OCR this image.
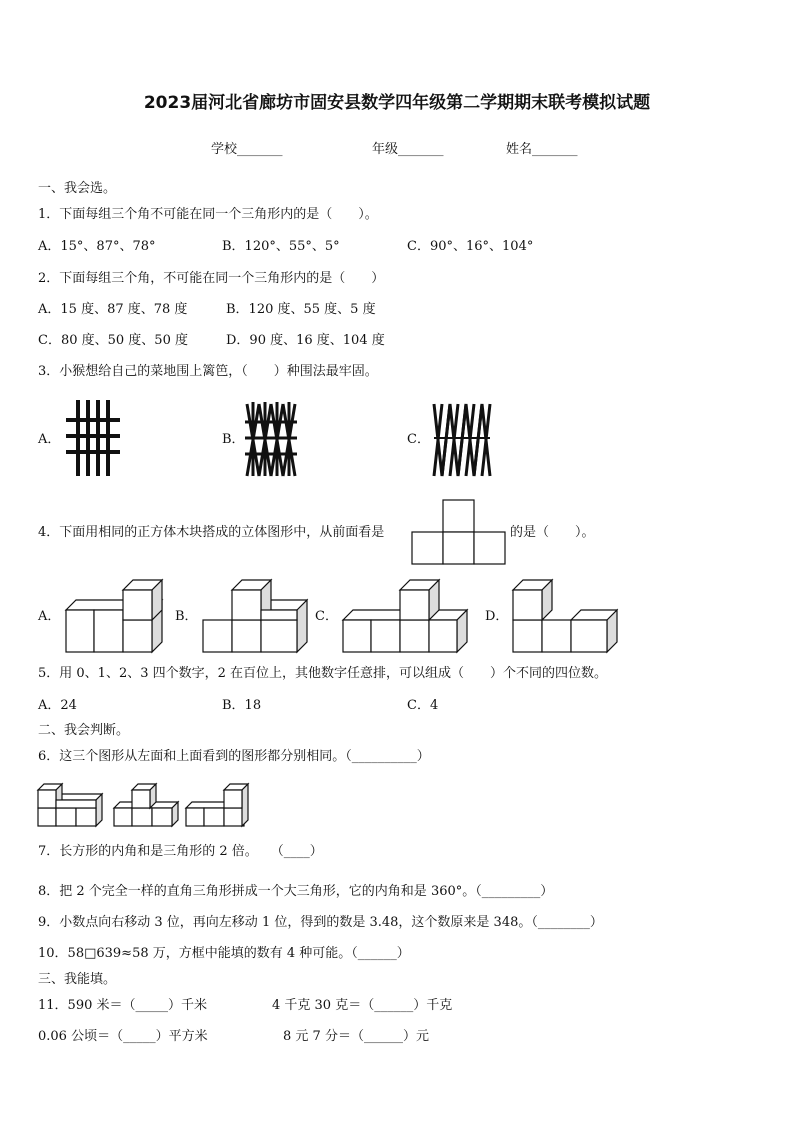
2023届河北省廊坊市固安县数学四年级第二学期期末联考模拟试题
学校_______	年级_______	姓名_______
一、我会选。
1．下面每组三个角不可能在同一个三角形内的是（　　）。
A．15°、87°、78°	B．120°、55°、5°	C．90°、16°、104°
2．下面每组三个角，不可能在同一个三角形内的是（　　）
A．15 度、87 度、78 度	B．120 度、55 度、5 度
C．80 度、50 度、50 度	D．90 度、16 度、104 度
3．小猴想给自己的菜地围上篱笆，（　　）种围法最牢固。
A．	B．	C．
4．下面用相同的正方体木块搭成的立体图形中，从前面看是	的是（　　）。
A．	B．	C．	D．
5．用 0、1、2、3 四个数字，2 在百位上，其他数字任意排，可以组成（　　）个不同的四位数。
A．24	B．18	C．4
二、我会判断。
6．这三个图形从左面和上面看到的图形都分别相同。（__________）
7．长方形的内角和是三角形的 2 倍。　　（____）
8．把 2 个完全一样的直角三角形拼成一个大三角形，它的内角和是 360°。（_________）
9．小数点向右移动 3 位，再向左移动 1 位，得到的数是 3.48，这个数原来是 348。（________）
10．58□639≈58 万，方框中能填的数有 4 种可能。（______）
三、我能填。
11．590 米＝（_____）千米	4 千克 30 克＝（______）千克
0.06 公顷＝（_____）平方米	8 元 7 分＝（______）元
